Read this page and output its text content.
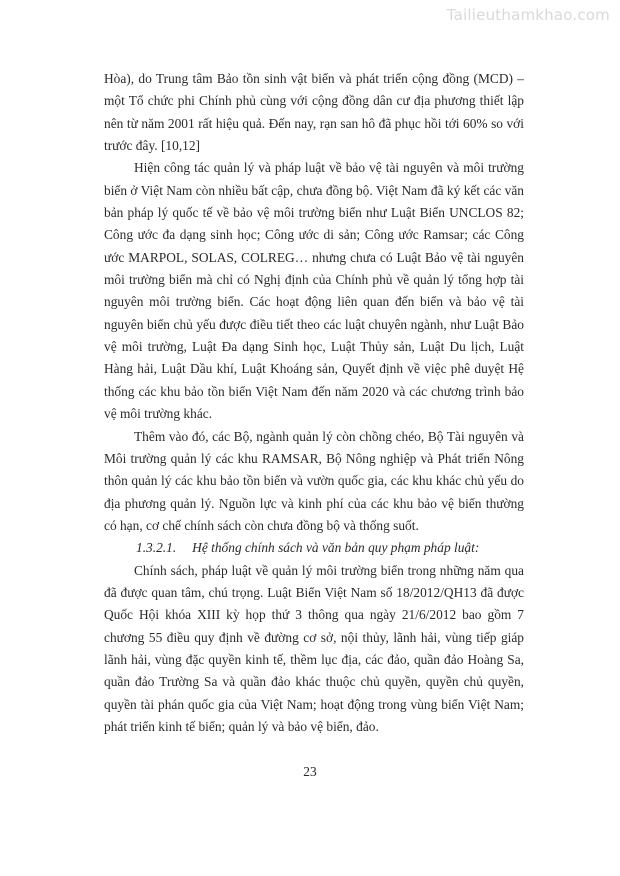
Tailieuthamkhao.com

Hòa), do Trung tâm Bảo tồn sinh vật biển và phát triển cộng đồng (MCD) – một Tổ chức phi Chính phủ cùng với cộng đồng dân cư địa phương thiết lập nên từ năm 2001 rất hiệu quả. Đến nay, rạn san hô đã phục hồi tới 60% so với trước đây. [10,12]

Hiện công tác quản lý và pháp luật về bảo vệ tài nguyên và môi trường biển ở Việt Nam còn nhiều bất cập, chưa đồng bộ. Việt Nam đã ký kết các văn bản pháp lý quốc tế về bảo vệ môi trường biển như Luật Biển UNCLOS 82; Công ước đa dạng sinh học; Công ước di sản; Công ước Ramsar; các Công ước MARPOL, SOLAS, COLREG… nhưng chưa có Luật Bảo vệ tài nguyên môi trường biển mà chỉ có Nghị định của Chính phủ về quản lý tổng hợp tài nguyên môi trường biển. Các hoạt động liên quan đến biển và bảo vệ tài nguyên biển chủ yếu được điều tiết theo các luật chuyên ngành, như Luật Bảo vệ môi trường, Luật Đa dạng Sinh học, Luật Thủy sản, Luật Du lịch, Luật Hàng hải, Luật Dầu khí, Luật Khoáng sản, Quyết định về việc phê duyệt Hệ thống các khu bảo tồn biển Việt Nam đến năm 2020 và các chương trình bảo vệ môi trường khác.

Thêm vào đó, các Bộ, ngành quản lý còn chồng chéo, Bộ Tài nguyên và Môi trường quản lý các khu RAMSAR, Bộ Nông nghiệp và Phát triển Nông thôn quản lý các khu bảo tồn biển và vườn quốc gia, các khu khác chủ yếu do địa phương quản lý. Nguồn lực và kinh phí của các khu bảo vệ biển thường có hạn, cơ chế chính sách còn chưa đồng bộ và thống suốt.

1.3.2.1. Hệ thống chính sách và văn bản quy phạm pháp luật:

Chính sách, pháp luật về quản lý môi trường biển trong những năm qua đã được quan tâm, chú trọng. Luật Biển Việt Nam số 18/2012/QH13 đã được Quốc Hội khóa XIII kỳ họp thứ 3 thông qua ngày 21/6/2012 bao gồm 7 chương 55 điều quy định về đường cơ sở, nội thủy, lãnh hải, vùng tiếp giáp lãnh hải, vùng đặc quyền kinh tế, thềm lục địa, các đảo, quần đảo Hoàng Sa, quần đảo Trường Sa và quần đảo khác thuộc chủ quyền, quyền chủ quyền, quyền tài phán quốc gia của Việt Nam; hoạt động trong vùng biển Việt Nam; phát triển kinh tế biển; quản lý và bảo vệ biển, đảo.

23
